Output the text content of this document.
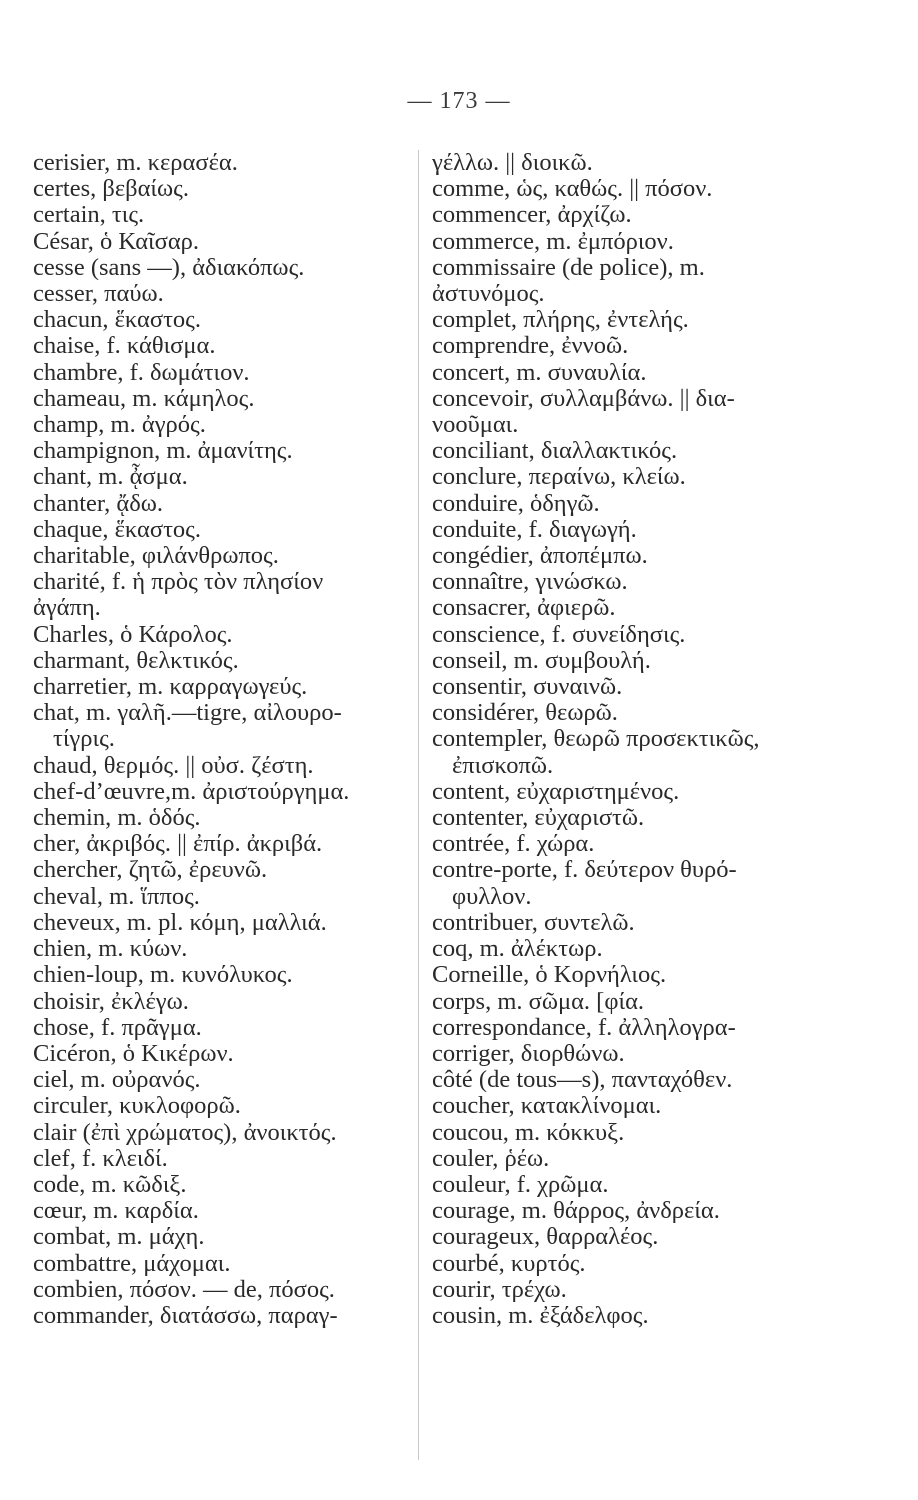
— 173 —
cerisier, m. κερασέα.
certes, βεβαίως.
certain, τις.
César, ὁ Καῖσαρ.
cesse (sans —), ἀδιακόπως.
cesser, παύω.
chacun, ἕκαστος.
chaise, f. κάθισμα.
chambre, f. δωμάτιον.
chameau, m. κάμηλος.
champ, m. ἀγρός.
champignon, m. ἀμανίτης.
chant, m. ᾆσμα.
chanter, ᾄδω.
chaque, ἕκαστος.
charitable, φιλάνθρωπος.
charité, f. ἡ πρὸς τὸν πλησίον
ἀγάπη.
Charles, ὁ Κάρολος.
charmant, θελκτικός.
charretier, m. καρραγωγεύς.
chat, m. γαλῆ.—tigre, αἰλουρο-
τίγρις.
chaud, θερμός. || οὐσ. ζέστη.
chef-d’œuvre,m. ἀριστούργημα.
chemin, m. ὁδός.
cher, ἀκριβός. || ἐπίρ. ἀκριβά.
chercher, ζητῶ, ἐρευνῶ.
cheval, m. ἵππος.
cheveux, m. pl. κόμη, μαλλιά.
chien, m. κύων.
chien-loup, m. κυνόλυκος.
choisir, ἐκλέγω.
chose, f. πρᾶγμα.
Cicéron, ὁ Κικέρων.
ciel, m. οὐρανός.
circuler, κυκλοφορῶ.
clair (ἐπὶ χρώματος), ἀνοικτός.
clef, f. κλειδί.
code, m. κῶδιξ.
cœur, m. καρδία.
combat, m. μάχη.
combattre, μάχομαι.
combien, πόσον. — de, πόσος.
commander, διατάσσω, παραγ-
γέλλω. || διοικῶ.
comme, ὡς, καθώς. || πόσον.
commencer, ἀρχίζω.
commerce, m. ἐμπόριον.
commissaire (de police), m.
ἀστυνόμος.
complet, πλήρης, ἐντελής.
comprendre, ἐννοῶ.
concert, m. συναυλία.
concevoir, συλλαμβάνω. || δια-
νοοῦμαι.
conciliant, διαλλακτικός.
conclure, περαίνω, κλείω.
conduire, ὁδηγῶ.
conduite, f. διαγωγή.
congédier, ἀποπέμπω.
connaître, γινώσκω.
consacrer, ἀφιερῶ.
conscience, f. συνείδησις.
conseil, m. συμβουλή.
consentir, συναινῶ.
considérer, θεωρῶ.
contempler, θεωρῶ προσεκτικῶς,
ἐπισκοπῶ.
content, εὐχαριστημένος.
contenter, εὐχαριστῶ.
contrée, f. χώρα.
contre-porte, f. δεύτερον θυρό-
φυλλον.
contribuer, συντελῶ.
coq, m. ἀλέκτωρ.
Corneille, ὁ Κορνήλιος.
corps, m. σῶμα. [φία.
correspondance, f. ἀλληλογρα-
corriger, διορθώνω.
côté (de tous—s), πανταχόθεν.
coucher, κατακλίνομαι.
coucou, m. κόκκυξ.
couler, ῥέω.
couleur, f. χρῶμα.
courage, m. θάρρος, ἀνδρεία.
courageux, θαρραλέος.
courbé, κυρτός.
courir, τρέχω.
cousin, m. ἐξάδελφος.
